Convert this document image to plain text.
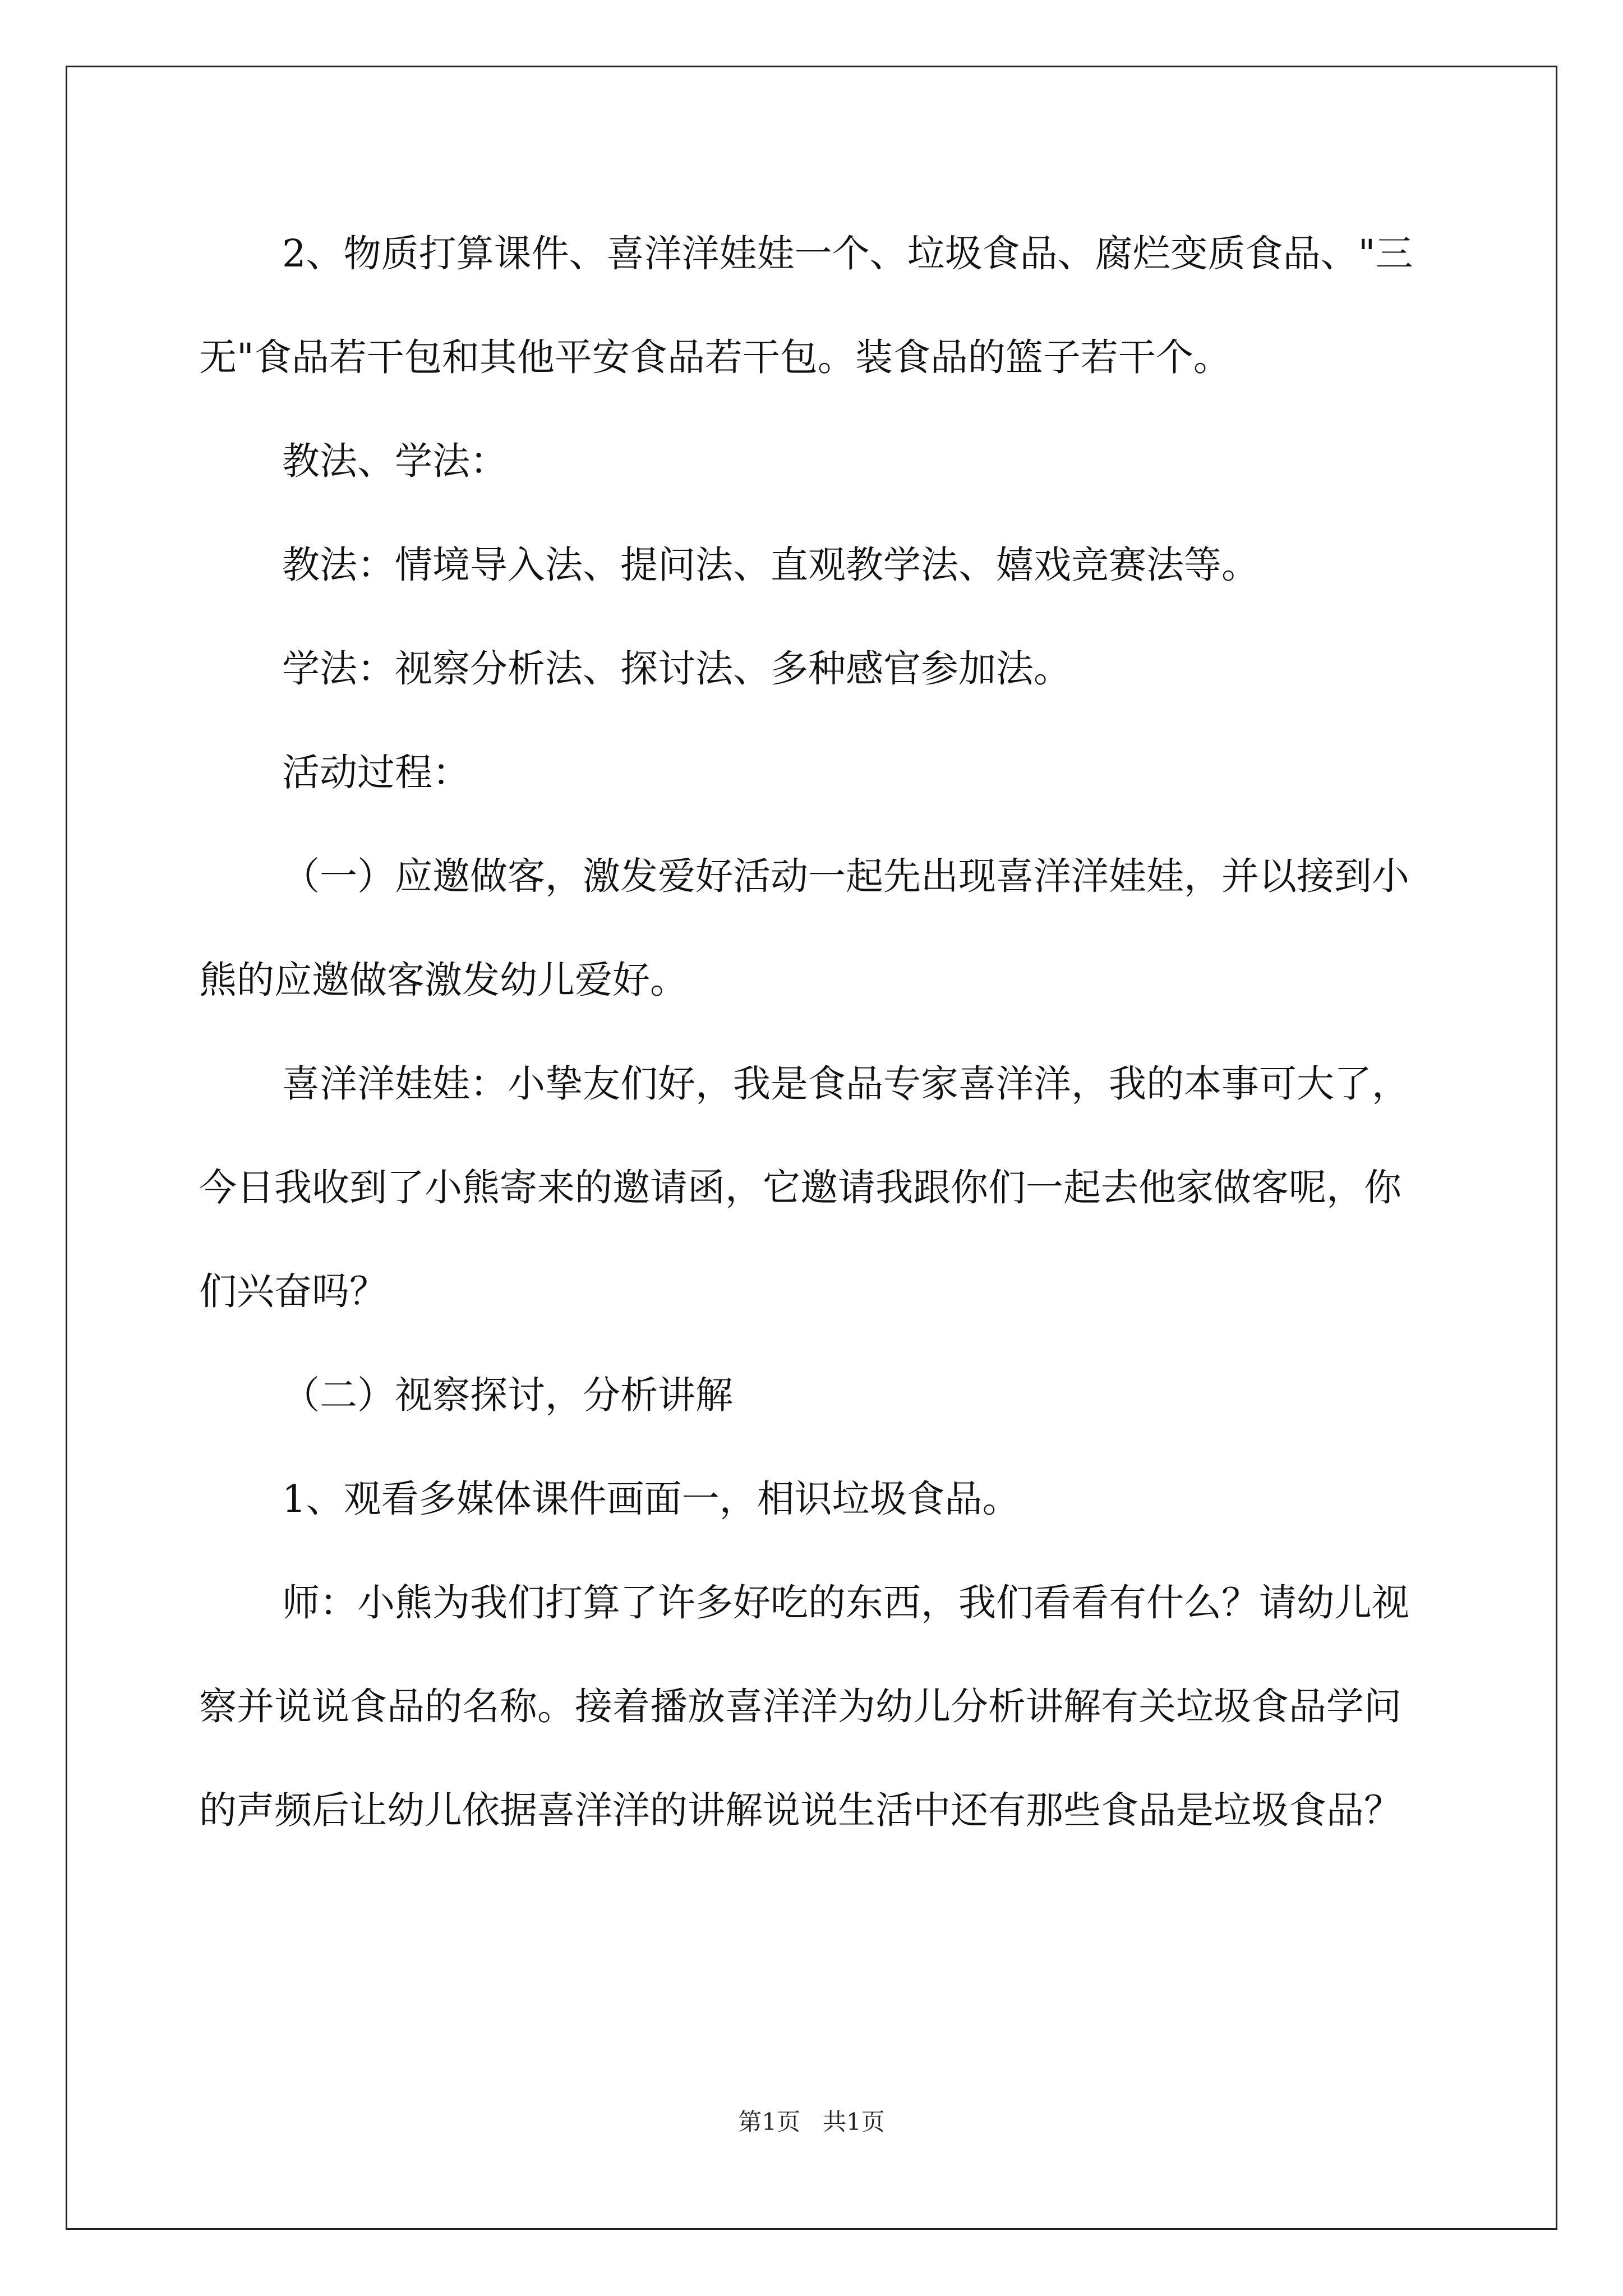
2、物质打算课件、喜洋洋娃娃一个、垃圾食品、腐烂变质食品、"三无"食品若干包和其他平安食品若干包。装食品的篮子若干个。

教法、学法：

教法：情境导入法、提问法、直观教学法、嬉戏竞赛法等。

学法：视察分析法、探讨法、多种感官参加法。

活动过程：

（一）应邀做客，激发爱好活动一起先出现喜洋洋娃娃，并以接到小熊的应邀做客激发幼儿爱好。

喜洋洋娃娃：小挚友们好，我是食品专家喜洋洋，我的本事可大了，今日我收到了小熊寄来的邀请函，它邀请我跟你们一起去他家做客呢，你们兴奋吗？

（二）视察探讨，分析讲解

1、观看多媒体课件画面一，相识垃圾食品。

师：小熊为我们打算了许多好吃的东西，我们看看有什么？请幼儿视察并说说食品的名称。接着播放喜洋洋为幼儿分析讲解有关垃圾食品学问的声频后让幼儿依据喜洋洋的讲解说说生活中还有那些食品是垃圾食品？

第1页 共1页
